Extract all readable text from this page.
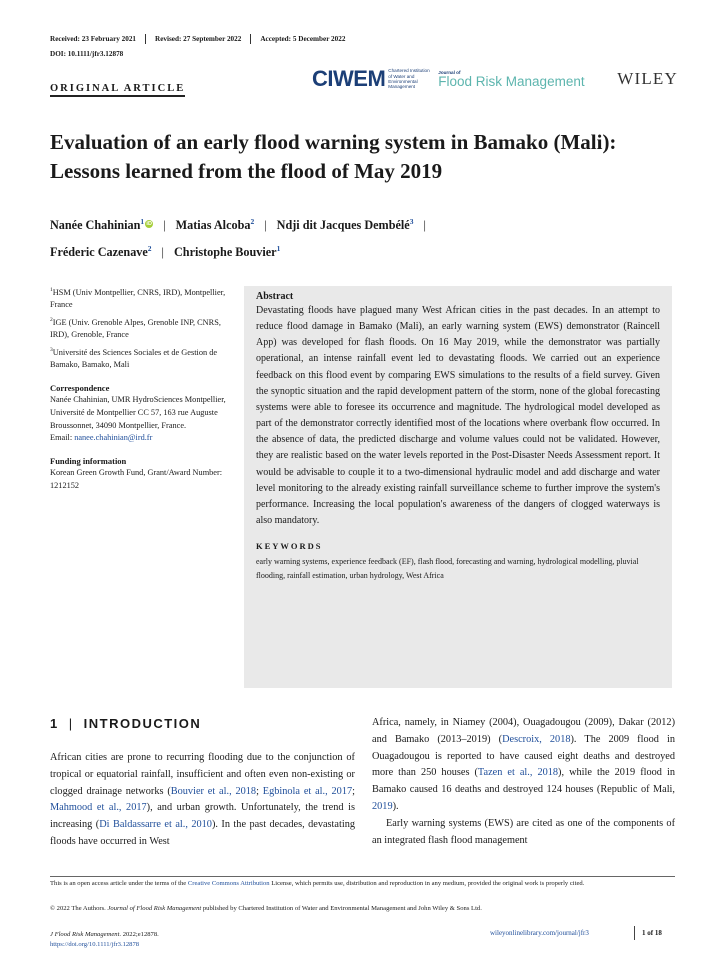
Received: 23 February 2021	Revised: 27 September 2022	Accepted: 5 December 2022
DOI: 10.1111/jfr3.12878
ORIGINAL ARTICLE	CIWEM Chartered Institution of Water and Environmental Management
Journal of
Flood Risk Management WILEY
Evaluation of an early flood warning system in Bamako (Mali): Lessons learned from the flood of May 2019
Nanée Chahinian$^1$ iD | Matias Alcoba$^2$ | Ndji dit Jacques Dembélé$^3$ |
Fréderic Cazenave$^2$ | Christophe Bouvier$^1$
$^1$HSM (Univ Montpellier, CNRS, IRD), Montpellier, France
$^2$IGE (Univ. Grenoble Alpes, Grenoble INP, CNRS, IRD), Grenoble, France
$^3$Université des Sciences Sociales et de Gestion de Bamako, Bamako, Mali
Correspondence

Nanée Chahinian, UMR HydroSciences Montpellier, Université de Montpellier CC 57, 163 rue Auguste Broussonnet, 34090 Montpellier, France.

Email: nanee.chahinian@ird.fr

Funding information

Korean Green Growth Fund, Grant/Award Number: 1212152

Abstract

Devastating floods have plagued many West African cities in the past decades. In an attempt to reduce flood damage in Bamako (Mali), an early warning system (EWS) demonstrator (Raincell App) was developed for flash floods. On 16 May 2019, while the demonstrator was partially operational, an intense rainfall event led to devastating floods. We carried out an experience feedback on this flood event by comparing EWS simulations to the results of a field survey. Given the synoptic situation and the rapid development pattern of the storm, none of the global forecasting systems were able to foresee its occurrence and magnitude. The hydrological model developed as part of the demonstrator correctly identified most of the locations where overbank flow occurred. In the absence of data, the predicted discharge and volume values could not be validated. However, they are realistic based on the water levels reported in the Post-Disaster Needs Assessment report. It would be advisable to couple it to a two-dimensional hydraulic model and add discharge and water level monitoring to the already existing rainfall surveillance scheme to further improve the system's performance. Increasing the local population's awareness of the dangers of clogged waterways is also mandatory.

KEYWORDS

early warning systems, experience feedback (EF), flash flood, forecasting and warning, hydrological modelling, pluvial flooding, rainfall estimation, urban hydrology, West Africa

1 | INTRODUCTION

African cities are prone to recurring flooding due to the conjunction of tropical or equatorial rainfall, insufficient and often even non-existing or clogged drainage networks (Bouvier et al., 2018; Egbinola et al., 2017; Mahmood et al., 2017), and urban growth. Unfortunately, the trend is increasing (Di Baldassarre et al., 2010). In the past decades, devastating floods have occurred in West

Africa, namely, in Niamey (2004), Ouagadougou (2009), Dakar (2012) and Bamako (2013–2019) (Descroix, 2018). The 2009 flood in Ouagadougou is reported to have caused eight deaths and destroyed more than 250 houses (Tazen et al., 2018), while the 2019 flood in Bamako caused 16 deaths and destroyed 124 houses (Republic of Mali, 2019).
Early warning systems (EWS) are cited as one of the components of an integrated flash flood management

This is an open access article under the terms of the Creative Commons Attribution License, which permits use, distribution and reproduction in any medium, provided the original work is properly cited.

© 2022 The Authors. Journal of Flood Risk Management published by Chartered Institution of Water and Environmental Management and John Wiley & Sons Ltd.

J Flood Risk Management. 2022;e12878.
https://doi.org/10.1111/jfr3.12878
wileyonlinelibrary.com/journal/jfr3	1 of 18
